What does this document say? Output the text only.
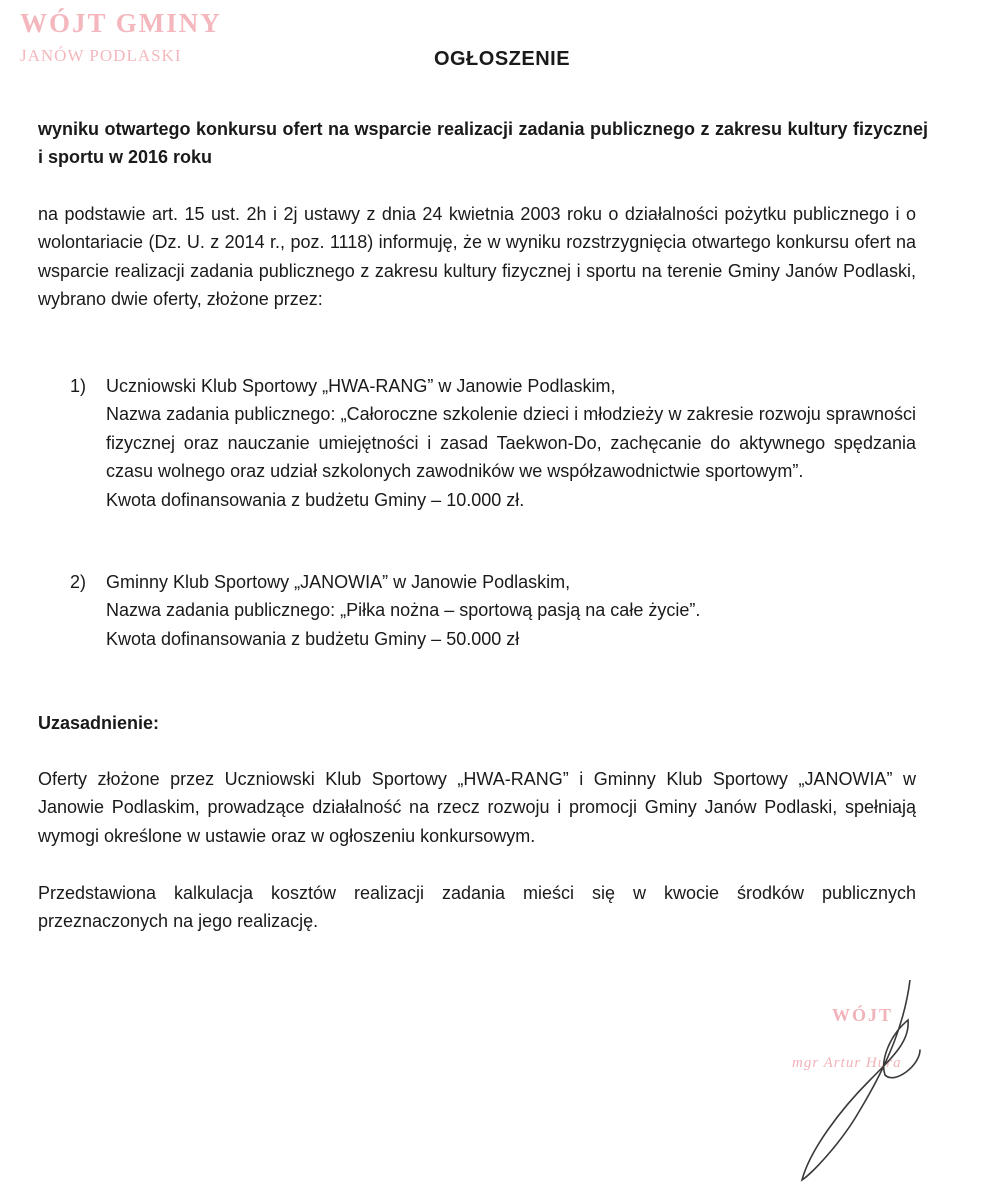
WÓJT GMINY
JANÓW PODLASKI	OGŁOSZENIE
wyniku otwartego konkursu ofert na wsparcie realizacji zadania publicznego z zakresu kultury fizycznej i sportu w 2016 roku
na podstawie art. 15 ust. 2h i 2j ustawy z dnia 24 kwietnia 2003 roku o działalności pożytku publicznego i o wolontariacie (Dz. U. z 2014 r., poz. 1118) informuję, że w wyniku rozstrzygnięcia otwartego konkursu ofert na wsparcie realizacji zadania publicznego z zakresu kultury fizycznej i sportu na terenie Gminy Janów Podlaski, wybrano dwie oferty, złożone przez:
1) Uczniowski Klub Sportowy „HWA-RANG” w Janowie Podlaskim,
Nazwa zadania publicznego: „Całoroczne szkolenie dzieci i młodzieży w zakresie rozwoju sprawności fizycznej oraz nauczanie umiejętności i zasad Taekwon-Do, zachęcanie do aktywnego spędzania czasu wolnego oraz udział szkolonych zawodników we współzawodnictwie sportowym”.
Kwota dofinansowania z budżetu Gminy – 10.000 zł.
2) Gminny Klub Sportowy „JANOWIA” w Janowie Podlaskim,
Nazwa zadania publicznego: „Piłka nożna – sportową pasją na całe życie”.
Kwota dofinansowania z budżetu Gminy – 50.000 zł
Uzasadnienie:
Oferty złożone przez Uczniowski Klub Sportowy „HWA-RANG” i Gminny Klub Sportowy „JANOWIA” w Janowie Podlaskim, prowadzące działalność na rzecz rozwoju i promocji Gminy Janów Podlaski, spełniają wymogi określone w ustawie oraz w ogłoszeniu konkursowym.
Przedstawiona kalkulacja kosztów realizacji zadania mieści się w kwocie środków publicznych przeznaczonych na jego realizację.
WÓJT
mgr Artur Hura
